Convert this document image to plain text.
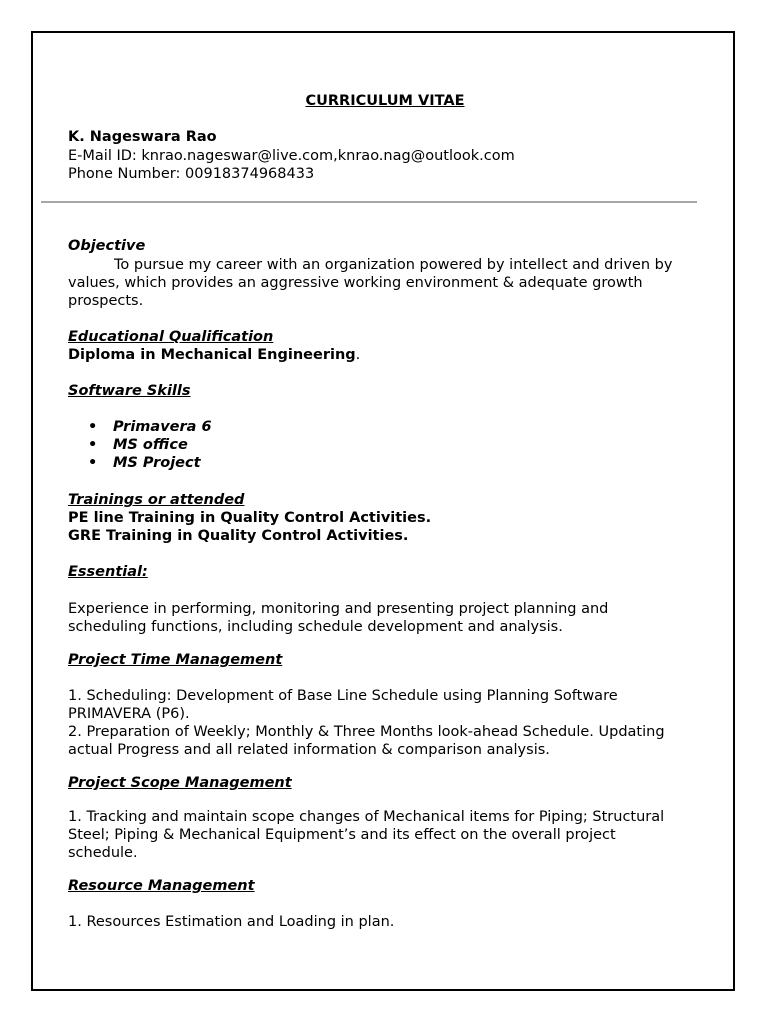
CURRICULUM VITAE
K. Nageswara Rao
E-Mail ID: knrao.nageswar@live.com,knrao.nag@outlook.com
Phone Number: 00918374968433
Objective
To pursue my career with an organization powered by intellect and driven by
values, which provides an aggressive working environment & adequate growth
prospects.
Educational Qualification
Diploma in Mechanical Engineering.
Software Skills
• Primavera 6
• MS office
• MS Project
Trainings or attended
PE line Training in Quality Control Activities.
GRE Training in Quality Control Activities.
Essential:
Experience in performing, monitoring and presenting project planning and
scheduling functions, including schedule development and analysis.
Project Time Management
1. Scheduling: Development of Base Line Schedule using Planning Software
PRIMAVERA (P6).
2. Preparation of Weekly; Monthly & Three Months look-ahead Schedule. Updating
actual Progress and all related information & comparison analysis.
Project Scope Management
1. Tracking and maintain scope changes of Mechanical items for Piping; Structural
Steel; Piping & Mechanical Equipment’s and its effect on the overall project
schedule.
Resource Management
1. Resources Estimation and Loading in plan.
